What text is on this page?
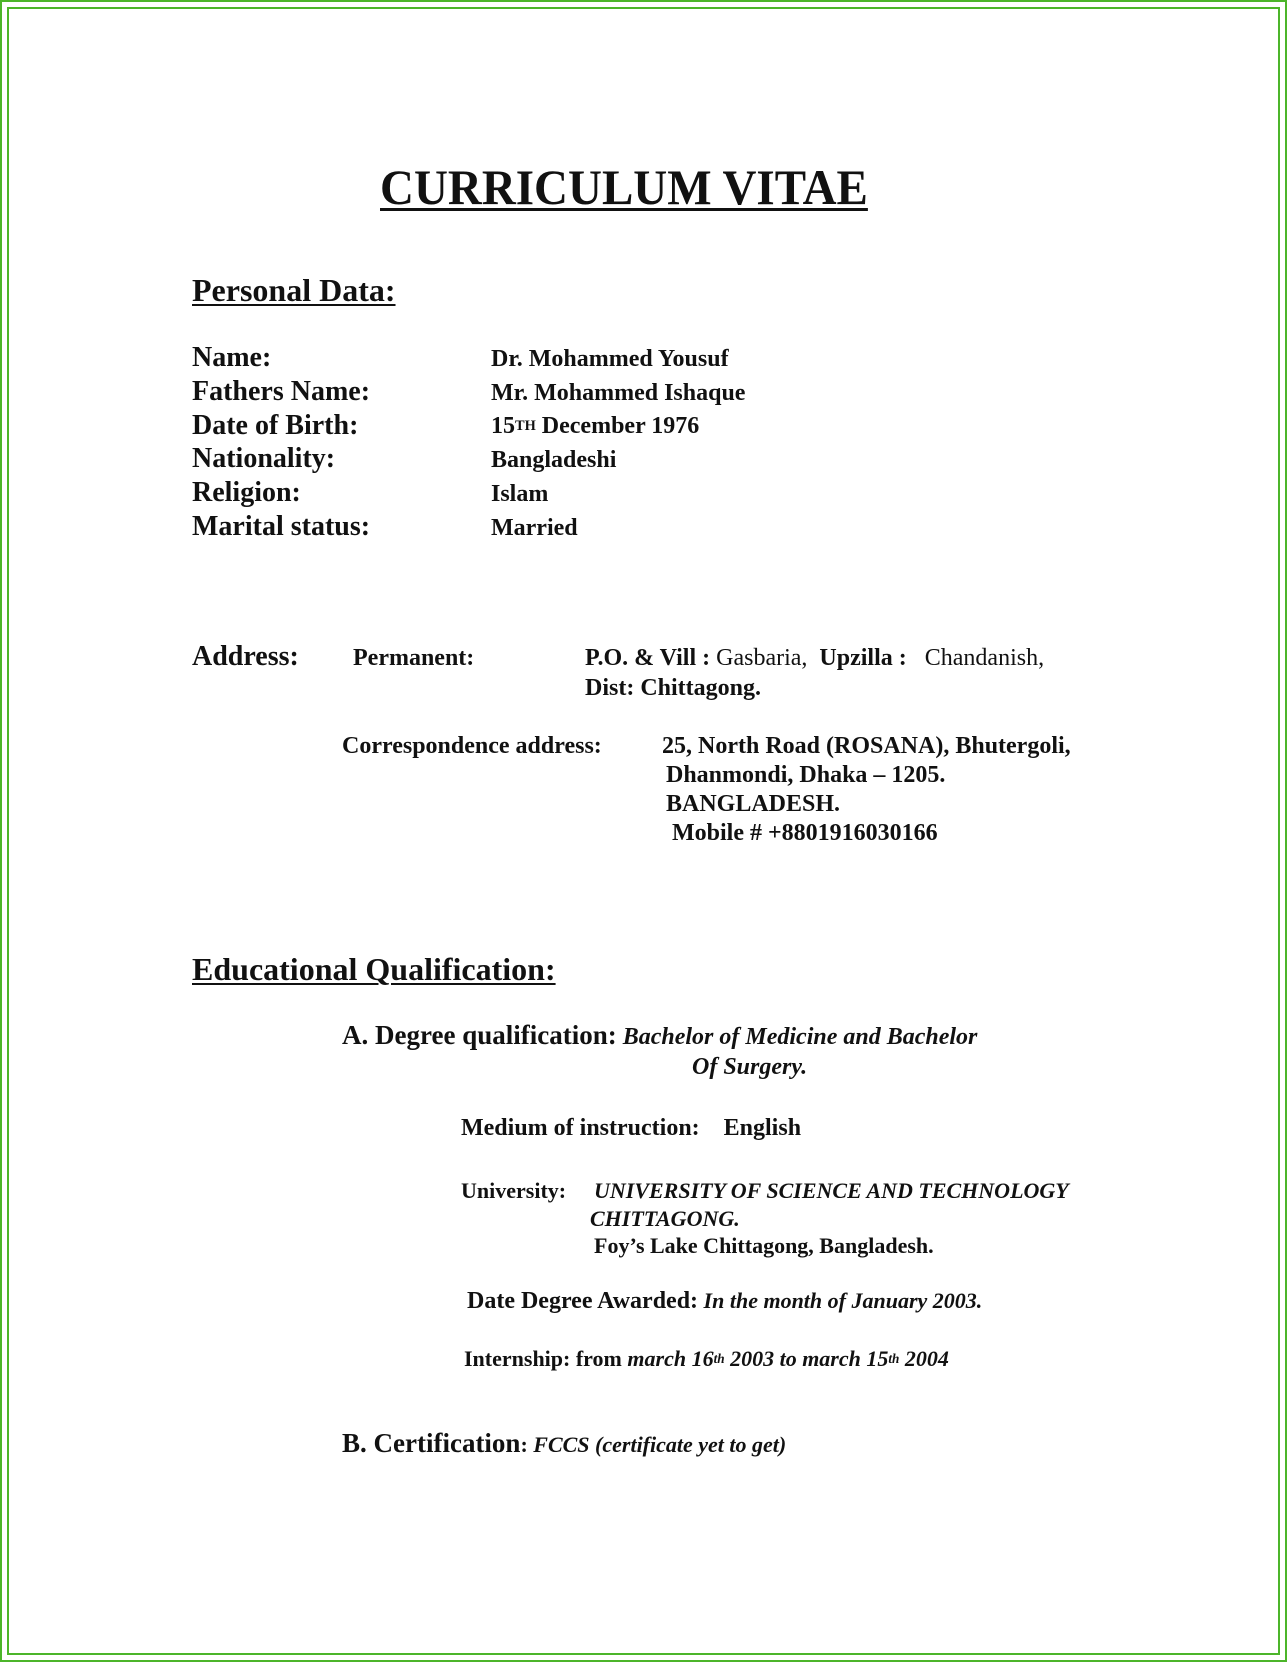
CURRICULUM VITAE
Personal Data:
Name:	Dr. Mohammed Yousuf
Fathers Name:	Mr. Mohammed Ishaque
Date of Birth:	15TH December 1976
Nationality:	Bangladeshi
Religion:	Islam
Marital status:	Married
Address: Permanent:	P.O. & Vill : Gasbaria, Upzilla : Chandanish,
Dist: Chittagong.
Correspondence address:	25, North Road (ROSANA), Bhutergoli,
Dhanmondi, Dhaka – 1205.
BANGLADESH.
Mobile # +8801916030166
Educational Qualification:
A. Degree qualification: Bachelor of Medicine and Bachelor
Of Surgery.
Medium of instruction: English
University: UNIVERSITY OF SCIENCE AND TECHNOLOGY
CHITTAGONG.
Foy’s Lake Chittagong, Bangladesh.
Date Degree Awarded: In the month of January 2003.
Internship: from march 16th 2003 to march 15th 2004
B. Certification: FCCS (certificate yet to get)
